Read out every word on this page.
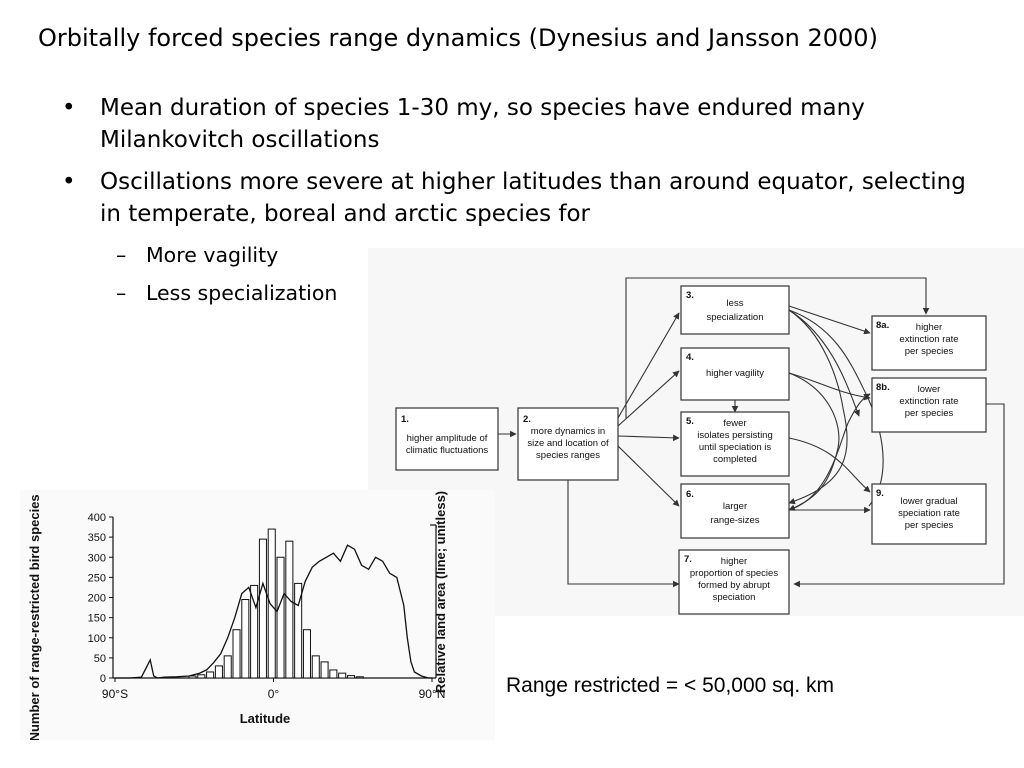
Orbitally forced species range dynamics (Dynesius and Jansson 2000)
• Mean duration of species 1-30 my, so species have endured many Milankovitch oscillations
• Oscillations more severe at higher latitudes than around equator, selecting in temperate, boreal and arctic species for
– More vagility
– Less specialization
1.
higher amplitude of
climatic fluctuations
2.
more dynamics in
size and location of
species ranges
3.
less
specialization
4.
higher vagility
5.	fewer
isolates persisting
until speciation is
completed
6.
larger
range-sizes
7.	higher
proportion of species
formed by abrupt
speciation
8a.	higher
extinction rate
per species
8b.	lower
extinction rate
per species
9.
lower gradual
speciation rate
per species
0
50
100
150
200
250
300
350
400
90°S	0°	90°N
Number of range-restricted bird species (bars)	Relative land area (line; unitless)
Latitude
Range restricted = < 50,000 sq. km
